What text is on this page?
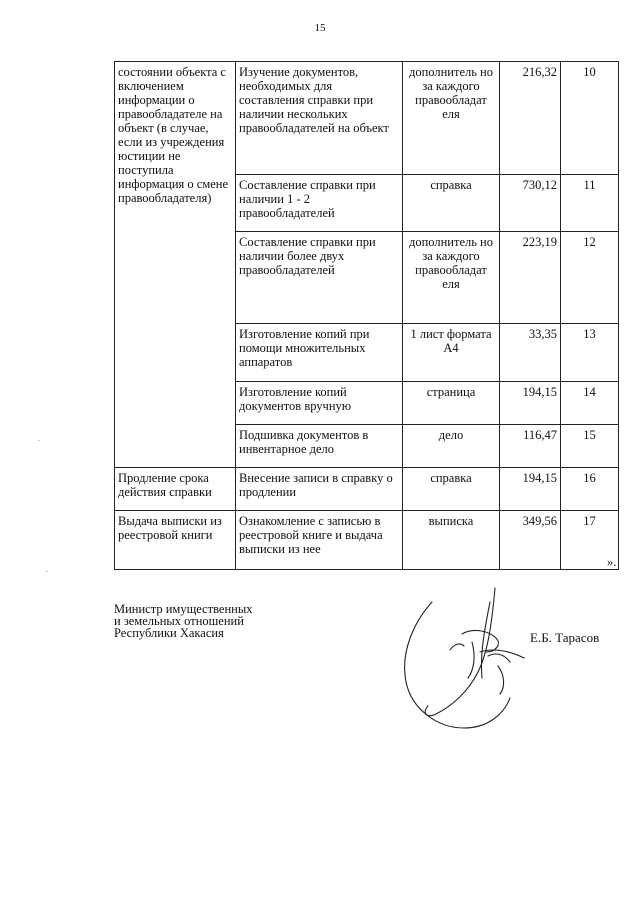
15
состоянии объекта с включением информации о правообладателе на объект (в случае, если из учреждения юстиции не поступила информация о смене правообладателя)	Изучение документов, необходимых для составления справки при наличии нескольких правообладателей на объект	дополнитель но за каждого правообладат еля	216,32	10
	Составление справки при наличии 1 - 2 правообладателей	справка	730,12	11
	Составление справки при наличии более двух правообладателей	дополнитель но за каждого правообладат еля	223,19	12
	Изготовление копий при помощи множительных аппаратов	1 лист формата А4	33,35	13
	Изготовление копий документов вручную	страница	194,15	14
	Подшивка документов в инвентарное дело	дело	116,47	15
Продление срока действия справки	Внесение записи в справку о продлении	справка	194,15	16
Выдача выписки из реестровой книги	Ознакомление с записью в реестровой книге и выдача выписки из нее	выписка	349,56	17
».
Министр имущественных
и земельных отношений
Республики Хакасия	Е.Б. Тарасов
-
-
